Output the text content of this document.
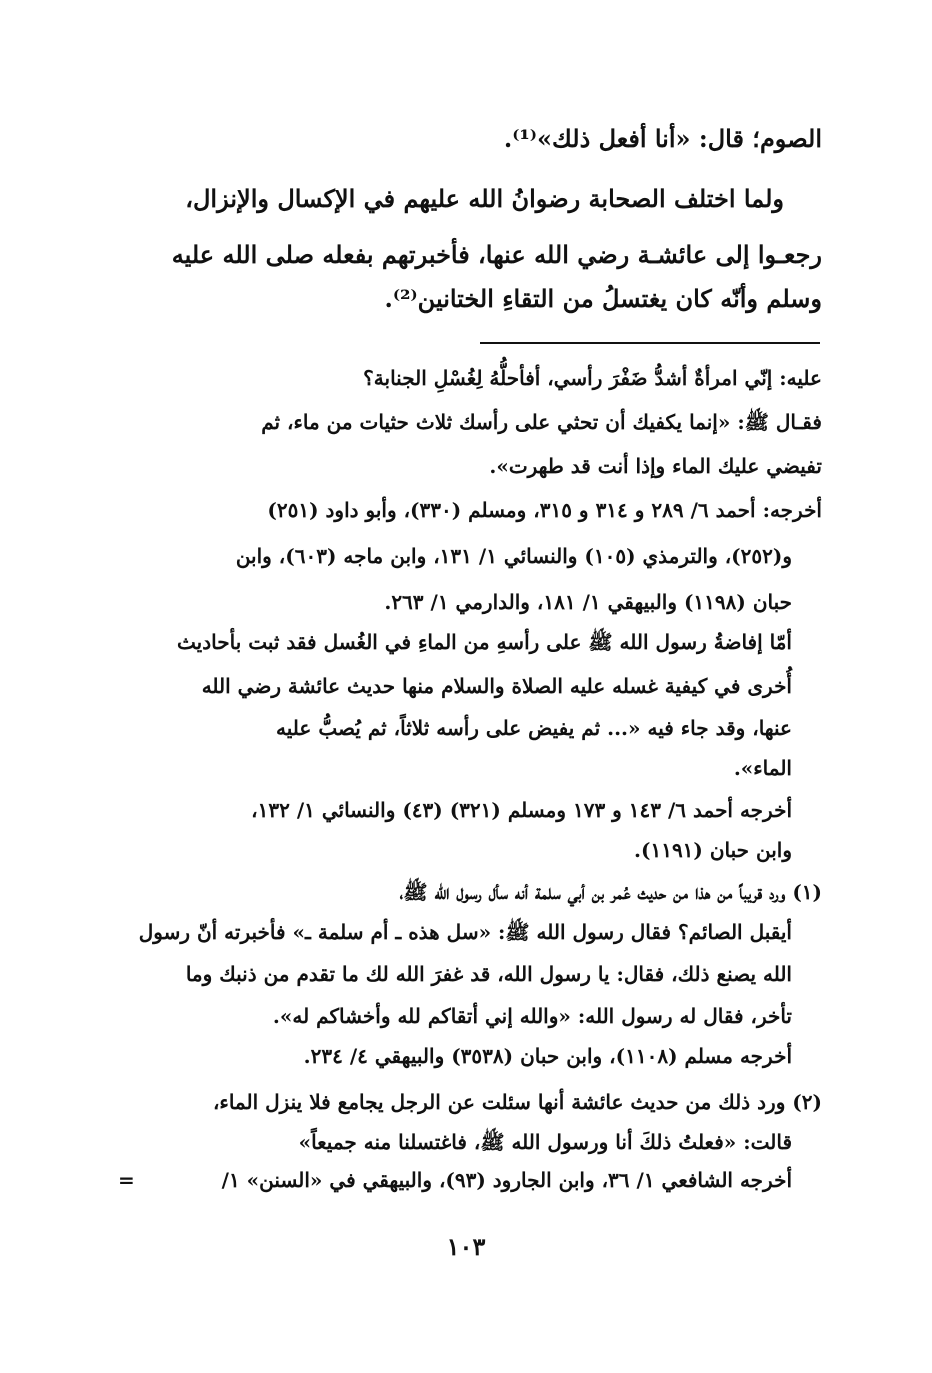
الصوم؛ قال: «أنا أفعل ذلك»⁽¹⁾.
ولما اختلف الصحابة رضوانُ الله عليهم في الإكسال والإنزال،
رجعـوا إلى عائشـة رضي الله عنها، فأخبرتهم بفعله صلى الله عليه
وسلم وأنّه كان يغتسلُ من التقاءِ الختانين⁽²⁾.
عليه: إنّي امرأةٌ أشدُّ ضَفْرَ رأسي، أفأحلُّهُ لِغُسْلِ الجنابة؟
فقـال ﷺ: «إنما يكفيك أن تحثي على رأسك ثلاث حثيات من ماء، ثم
تفيضي عليك الماء وإذا أنت قد طهرت».
أخرجه: أحمد ٦/ ٢٨٩ و ٣١٤ و ٣١٥، ومسلم (٣٣٠)، وأبو داود (٢٥١)
و(٢٥٢)، والترمذي (١٠٥) والنسائي ١/ ١٣١، وابن ماجه (٦٠٣)، وابن
حبان (١١٩٨) والبيهقي ١/ ١٨١، والدارمي ١/ ٢٦٣.
أمّا إفاضةُ رسول الله ﷺ على رأسهِ من الماءِ في الغُسل فقد ثبت بأحاديث
أُخرى في كيفية غسله عليه الصلاة والسلام منها حديث عائشة رضي الله
عنها، وقد جاء فيه «... ثم يفيض على رأسه ثلاثاً، ثم يُصبُّ عليه
الماء».
أخرجه أحمد ٦/ ١٤٣ و ١٧٣ ومسلم (٣٢١) (٤٣) والنسائي ١/ ١٣٢،
وابن حبان (١١٩١).
(١) ورد قريباً من هذا من حديث عُمر بن أبي سلمة أنه سأل رسول الله ﷺ،
أيقبل الصائم؟ فقال رسول الله ﷺ: «سل هذه ـ أم سلمة ـ» فأخبرته أنّ رسول
الله يصنع ذلك، فقال: يا رسول الله، قد غفرَ الله لك ما تقدم من ذنبك وما
تأخر، فقال له رسول الله: «والله إني أتقاكم لله وأخشاكم له».
أخرجه مسلم (١١٠٨)، وابن حبان (٣٥٣٨) والبيهقي ٤/ ٢٣٤.
(٢) ورد ذلك من حديث عائشة أنها سئلت عن الرجل يجامع فلا ينزل الماء،
قالت: «فعلتُ ذلكَ أنا ورسول الله ﷺ، فاغتسلنا منه جميعاً»
أخرجه الشافعي ١/ ٣٦، وابن الجارود (٩٣)، والبيهقي في «السنن» ١/
=
١٠٣
